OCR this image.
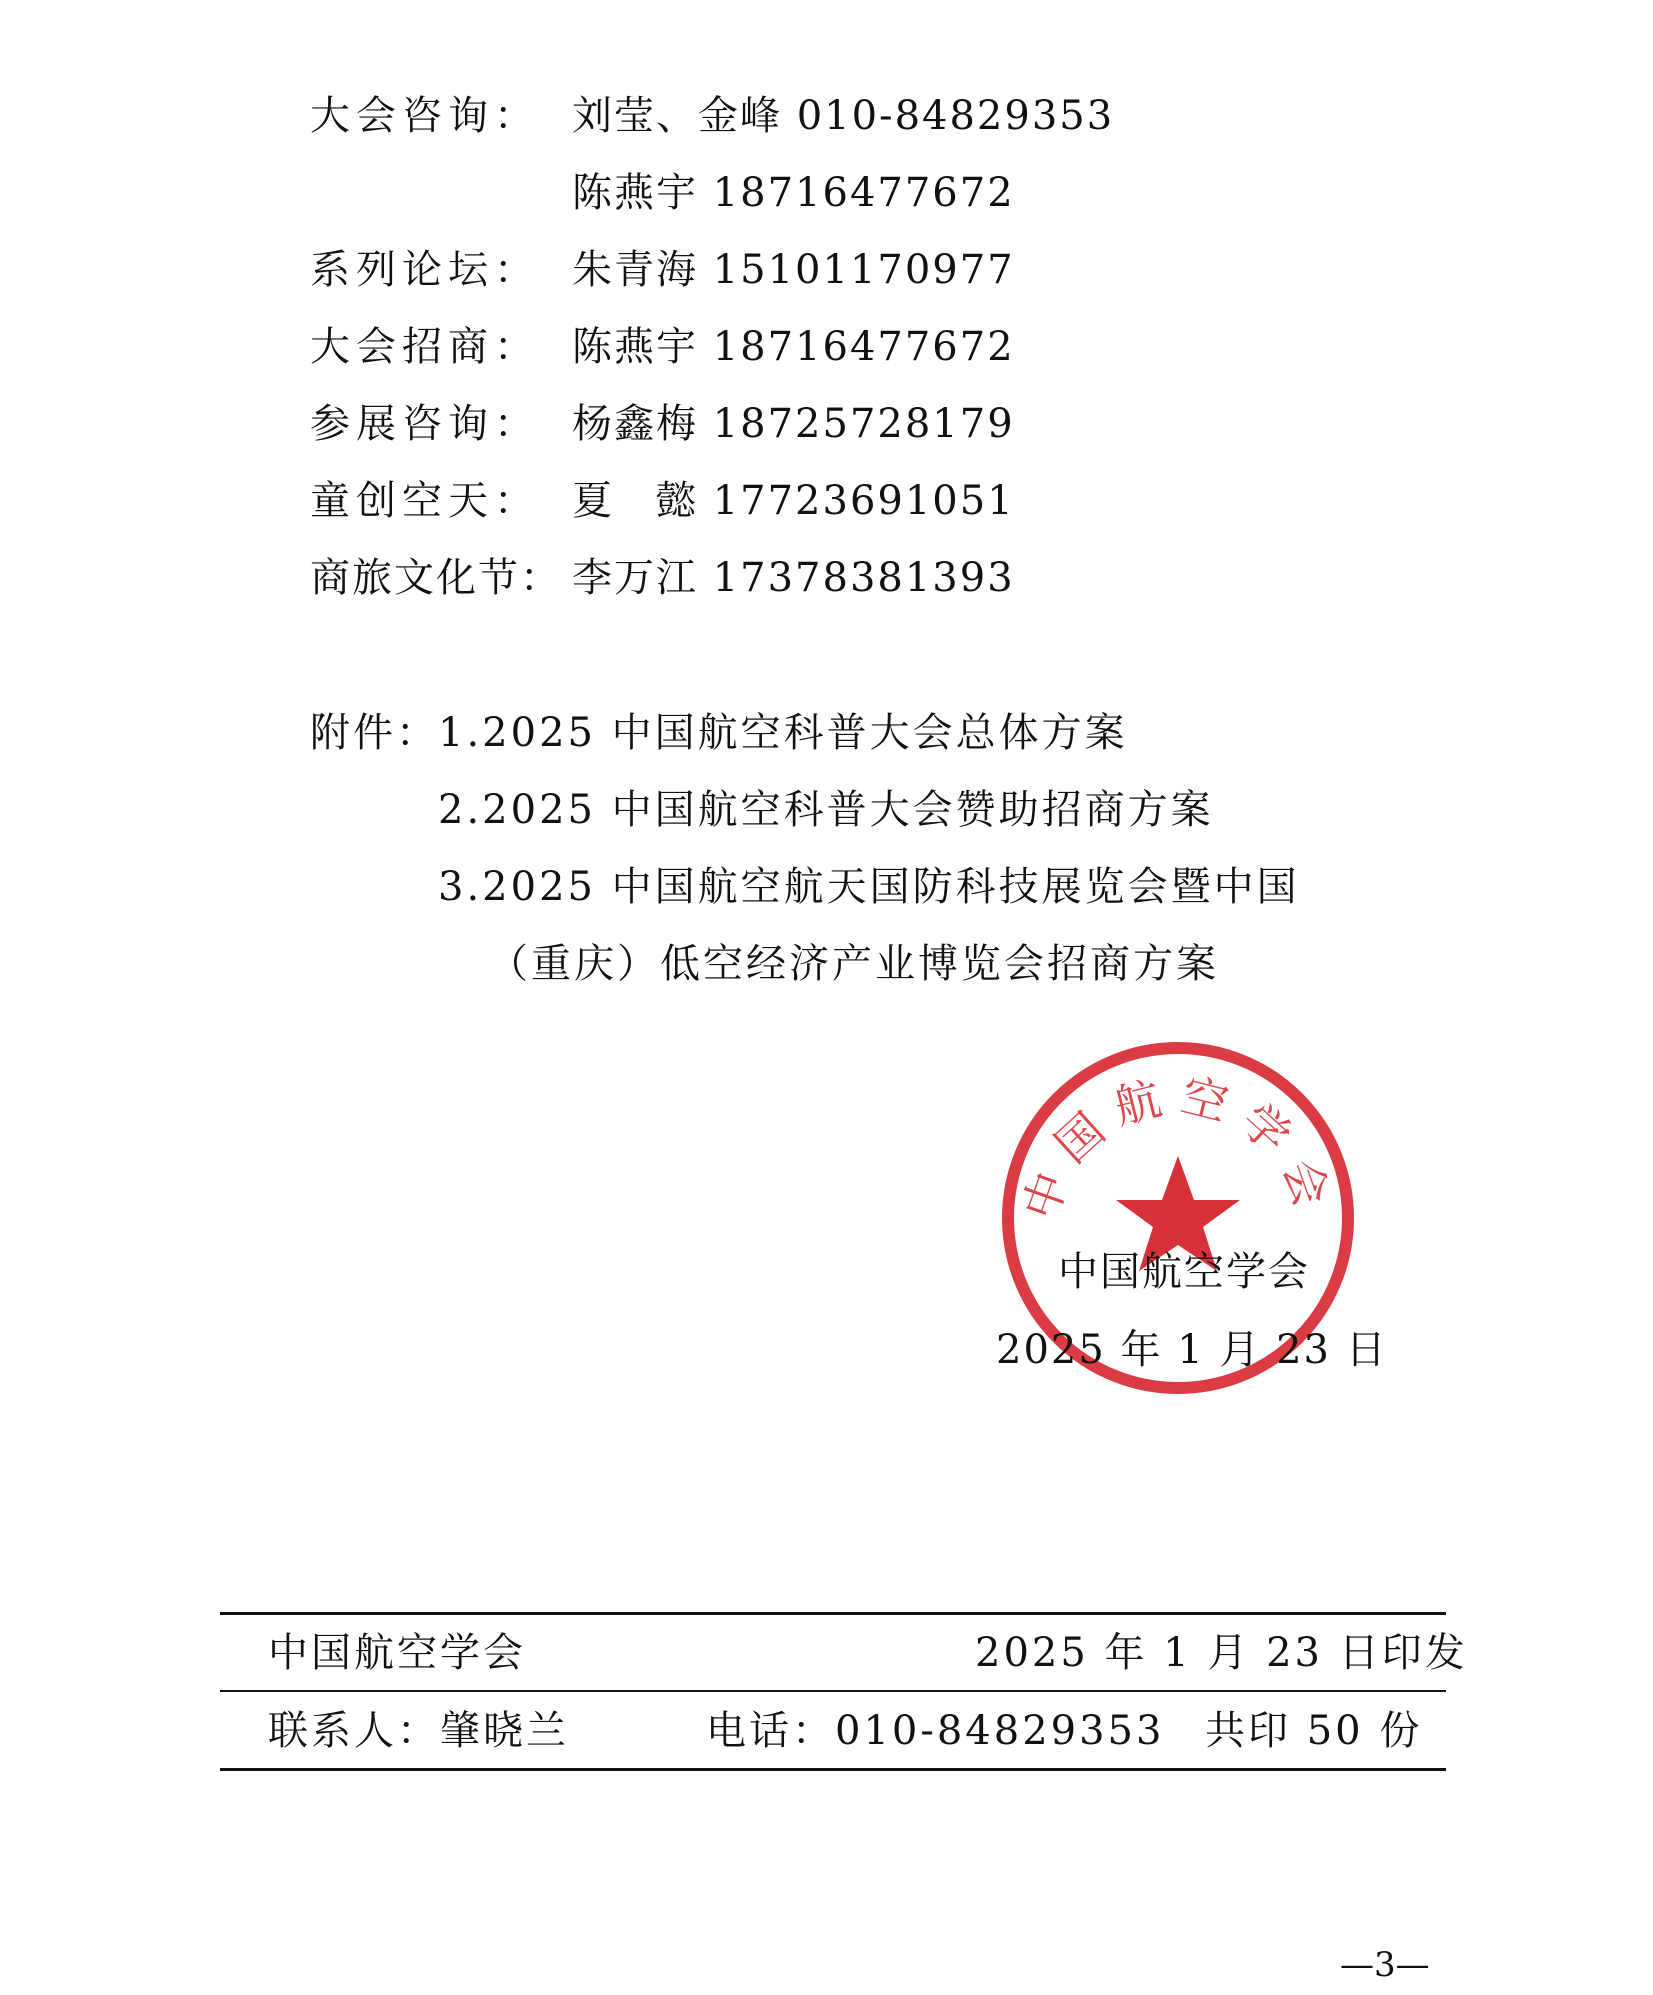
大会咨询： 刘莹、金峰 010-84829353
陈燕宇 18716477672
系列论坛： 朱青海 15101170977
大会招商： 陈燕宇 18716477672
参展咨询： 杨鑫梅 18725728179
童创空天： 夏　懿 17723691051
商旅文化节： 李万江 17378381393
附件： 1.2025 中国航空科普大会总体方案
2.2025 中国航空科普大会赞助招商方案
3.2025 中国航空航天国防科技展览会暨中国
（重庆）低空经济产业博览会招商方案
中国航空学会
中国航空学会
2025 年 1 月 23 日
中国航空学会	2025 年 1 月 23 日印发
联系人：肇晓兰	电话：010-84829353 共印 50 份
—3—
